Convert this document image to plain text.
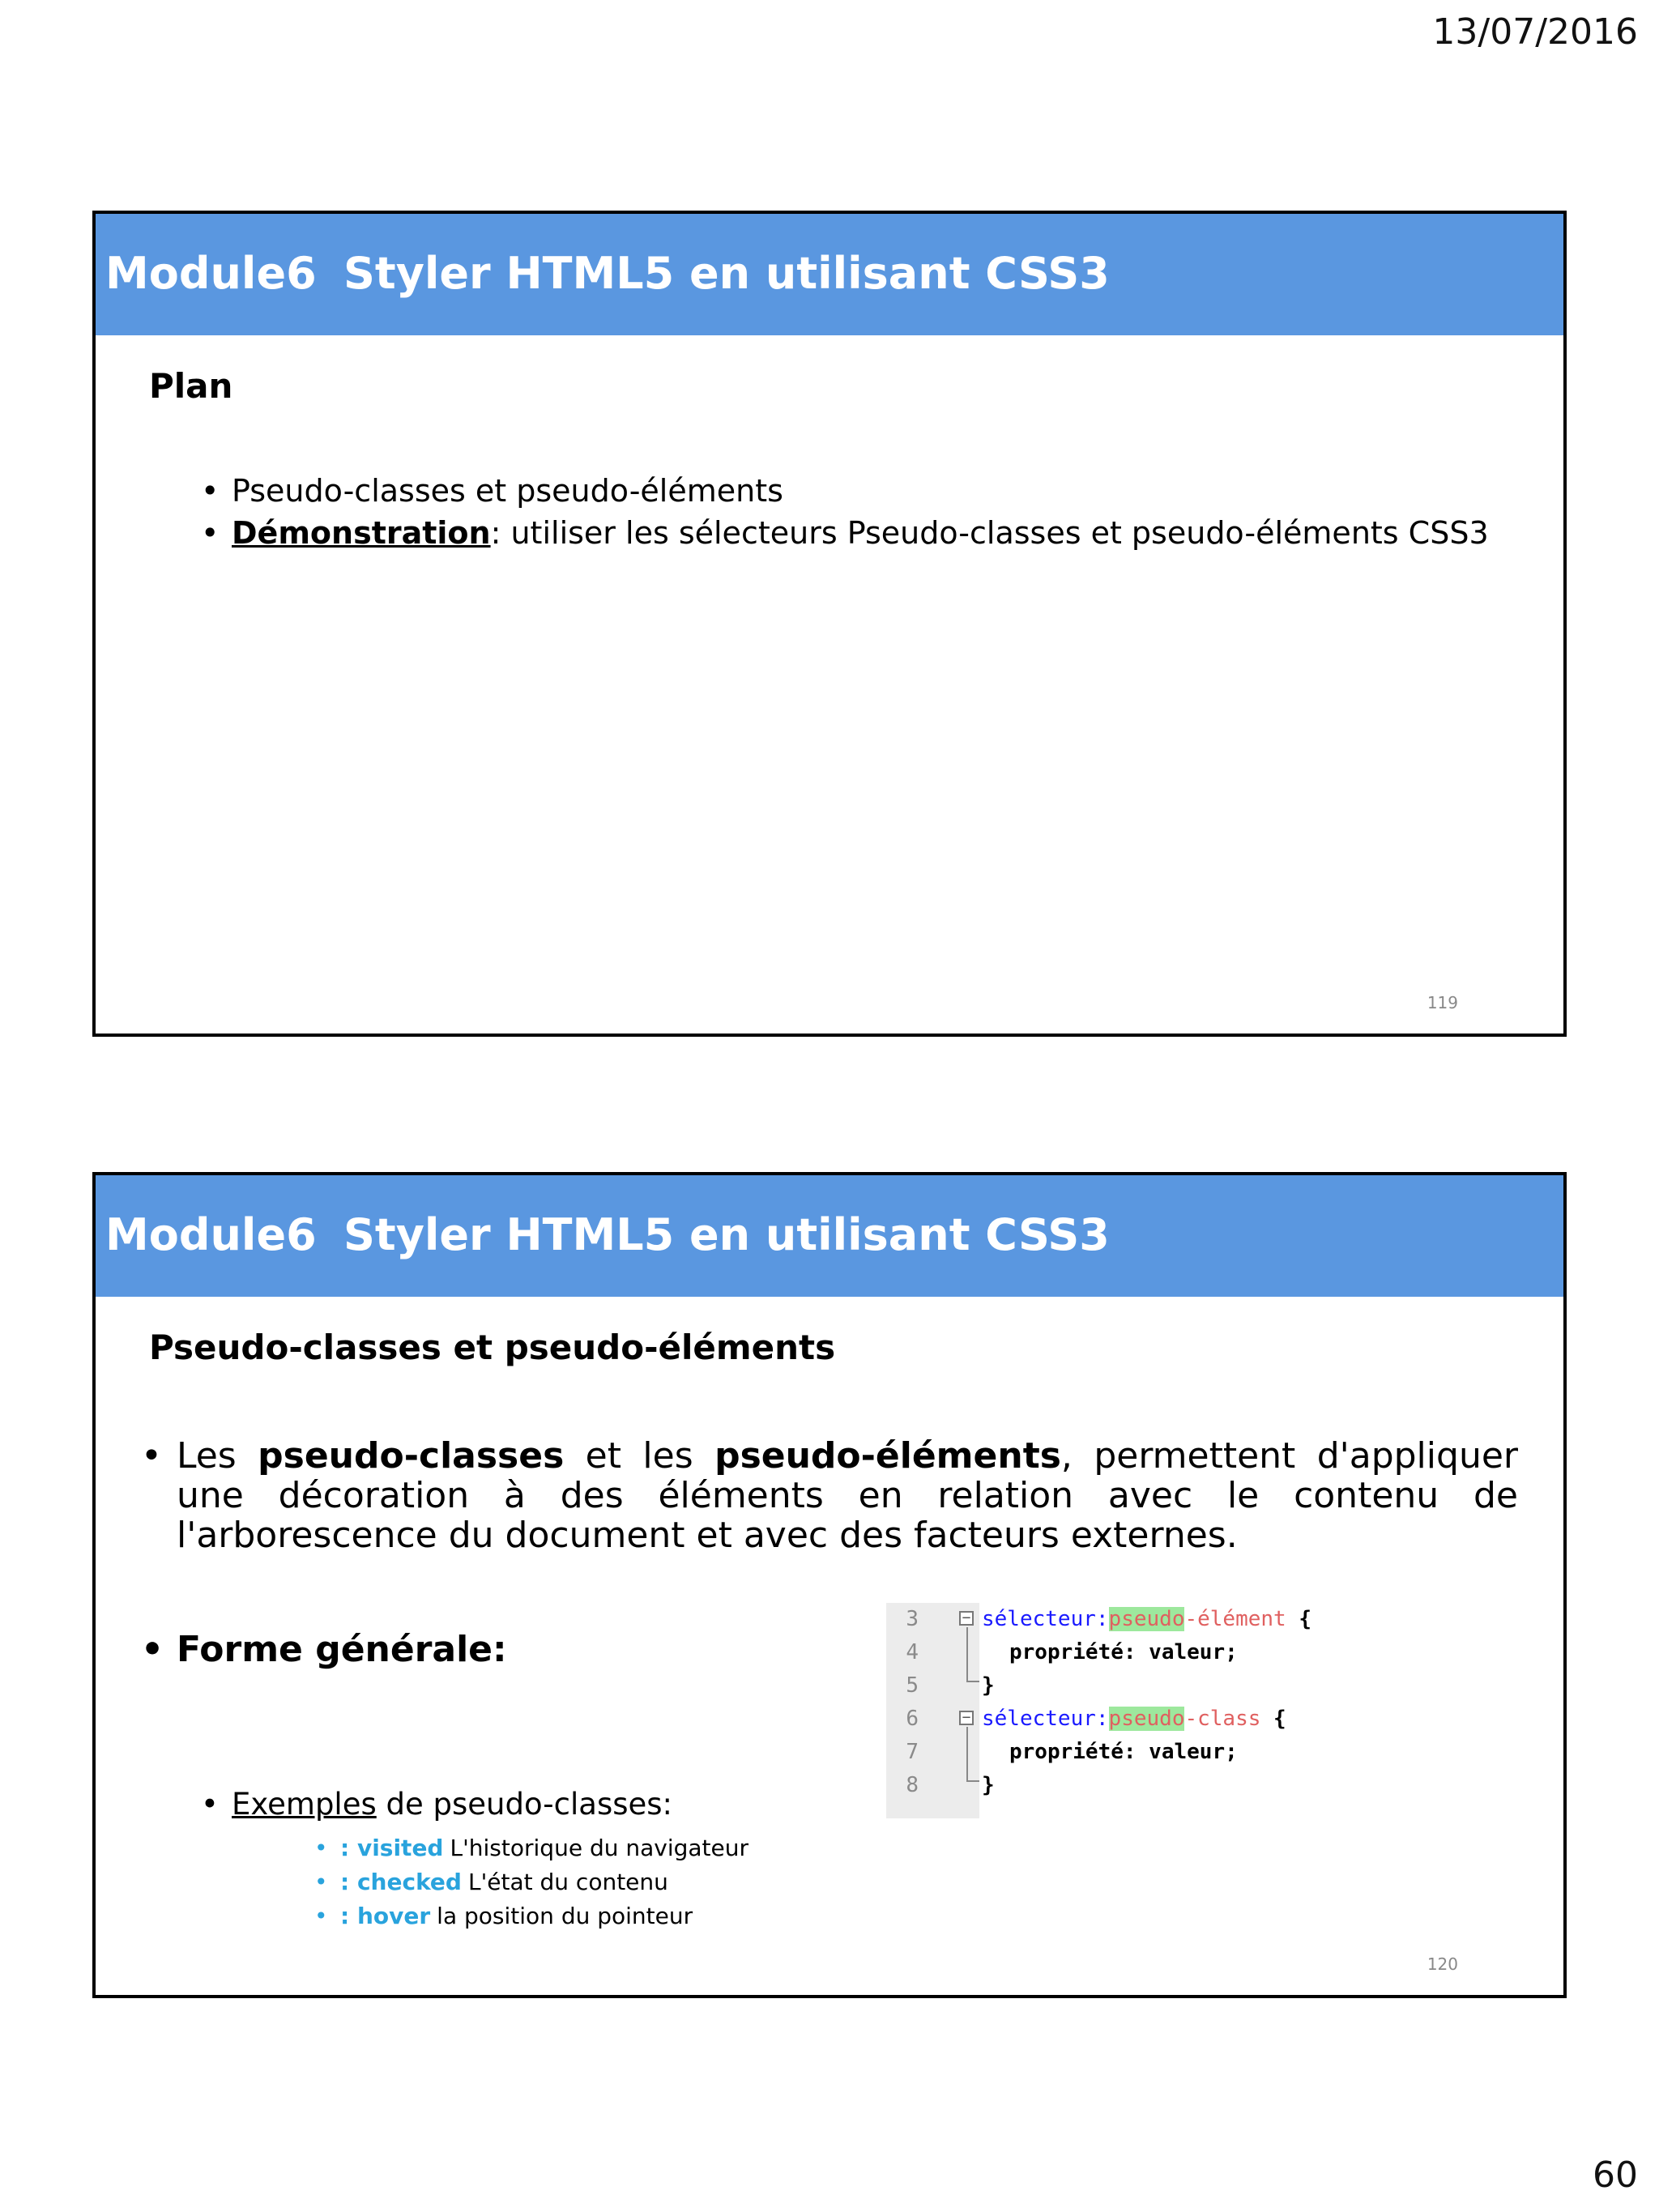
13/07/2016
Module6 Styler HTML5 en utilisant CSS3
Plan
• Pseudo-classes et pseudo-éléments
• Démonstration: utiliser les sélecteurs Pseudo-classes et pseudo-éléments CSS3
119
Module6 Styler HTML5 en utilisant CSS3
Pseudo-classes et pseudo-éléments
• Les pseudo-classes et les pseudo-éléments, permettent d'appliquer une décoration à des éléments en relation avec le contenu de l'arborescence du document et avec des facteurs externes.
• Forme générale:
3	− sélecteur:pseudo-élément {
4	propriété: valeur;
5	}
6	− sélecteur:pseudo-class {
7	propriété: valeur;
8	}
• Exemples de pseudo-classes:
• : visited L'historique du navigateur
• : checked L'état du contenu
• : hover la position du pointeur
120
60
